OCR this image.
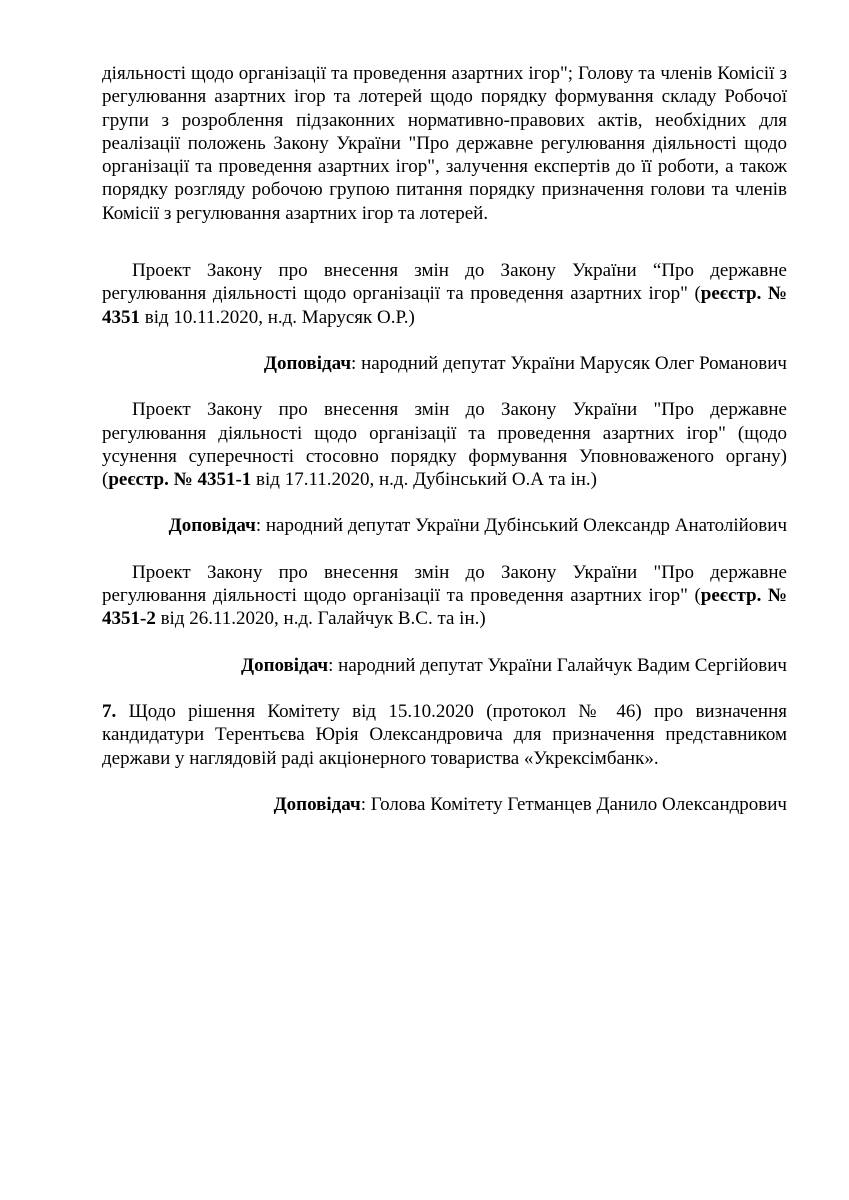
діяльності щодо організації та проведення азартних ігор"; Голову та членів Комісії з регулювання азартних ігор та лотерей щодо порядку формування складу Робочої групи з розроблення підзаконних нормативно-правових актів, необхідних для реалізації положень Закону України "Про державне регулювання діяльності щодо організації та проведення азартних ігор", залучення експертів до її роботи, а також порядку розгляду робочою групою питання порядку призначення голови та членів Комісії з регулювання азартних ігор та лотерей.

Проект Закону про внесення змін до Закону України “Про державне регулювання діяльності щодо організації та проведення азартних ігор" (реєстр. № 4351 від 10.11.2020, н.д. Марусяк О.Р.)

Доповідач: народний депутат України Марусяк Олег Романович

Проект Закону про внесення змін до Закону України "Про державне регулювання діяльності щодо організації та проведення азартних ігор" (щодо усунення суперечності стосовно порядку формування Уповноваженого органу) (реєстр. № 4351-1 від 17.11.2020, н.д. Дубінський О.А та ін.)

Доповідач: народний депутат України Дубінський Олександр Анатолійович

Проект Закону про внесення змін до Закону України "Про державне регулювання діяльності щодо організації та проведення азартних ігор" (реєстр. № 4351-2 від 26.11.2020, н.д. Галайчук В.С. та ін.)

Доповідач: народний депутат України Галайчук Вадим Сергійович

7. Щодо рішення Комітету від 15.10.2020 (протокол № 46) про визначення кандидатури Терентьєва Юрія Олександровича для призначення представником держави у наглядовій раді акціонерного товариства «Укрексімбанк».

Доповідач: Голова Комітету Гетманцев Данило Олександрович
